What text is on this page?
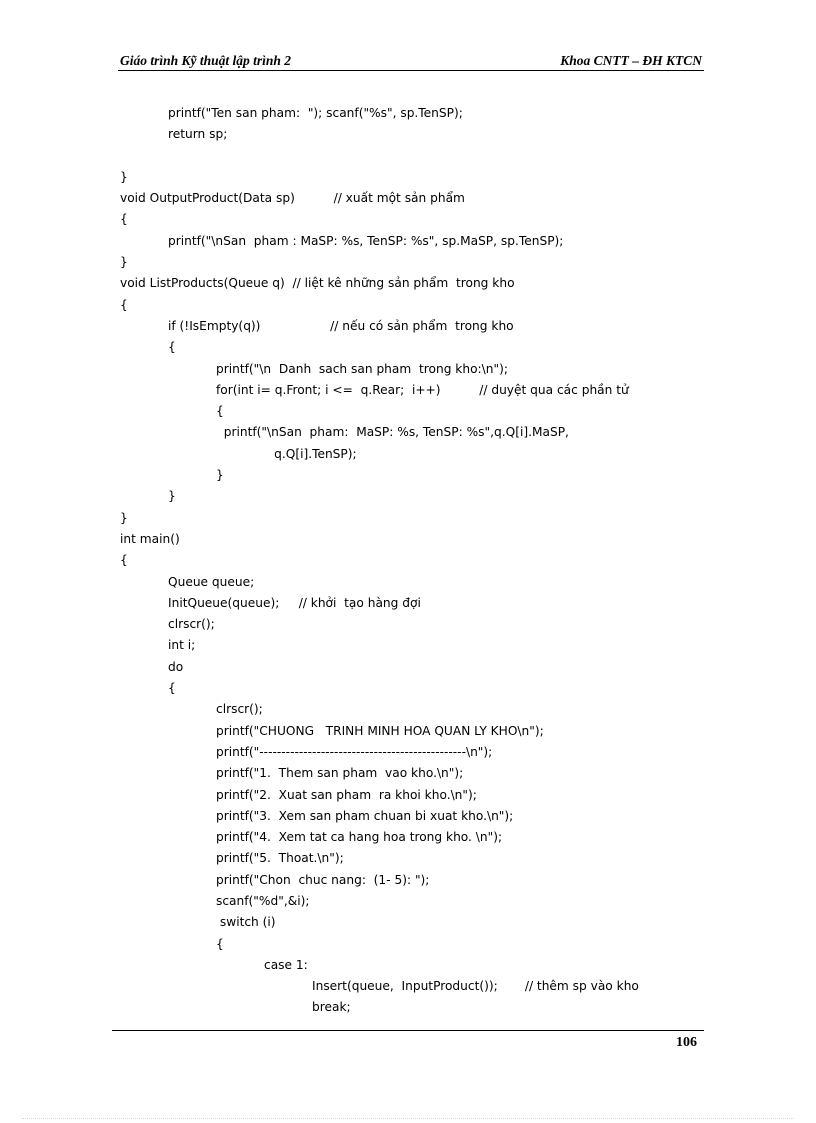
Giáo trình Kỹ thuật lập trình 2	Khoa CNTT – ĐH KTCN
printf("Ten san pham:  "); scanf("%s", sp.TenSP);
return sp;
}
void OutputProduct(Data sp)          // xuất một sản phẩm
{
printf("\nSan  pham : MaSP: %s, TenSP: %s", sp.MaSP, sp.TenSP);
}
void ListProducts(Queue q)  // liệt kê những sản phẩm  trong kho
{
if (!IsEmpty(q))                  // nếu có sản phẩm  trong kho
{
printf("\n  Danh  sach san pham  trong kho:\n");
for(int i= q.Front; i <=  q.Rear;  i++)          // duyệt qua các phần tử
{
printf("\nSan  pham:  MaSP: %s, TenSP: %s",q.Q[i].MaSP,
q.Q[i].TenSP);
}
}
}
int main()
{
Queue queue;
InitQueue(queue);     // khởi  tạo hàng đợi
clrscr();
int i;
do
{
clrscr();
printf("CHUONG   TRINH MINH HOA QUAN LY KHO\n");
printf("-----------------------------------------------\n");
printf("1.  Them san pham  vao kho.\n");
printf("2.  Xuat san pham  ra khoi kho.\n");
printf("3.  Xem san pham chuan bi xuat kho.\n");
printf("4.  Xem tat ca hang hoa trong kho. \n");
printf("5.  Thoat.\n");
printf("Chon  chuc nang:  (1- 5): ");
scanf("%d",&i);
switch (i)
{
case 1:
Insert(queue,  InputProduct());       // thêm sp vào kho
break;
106
